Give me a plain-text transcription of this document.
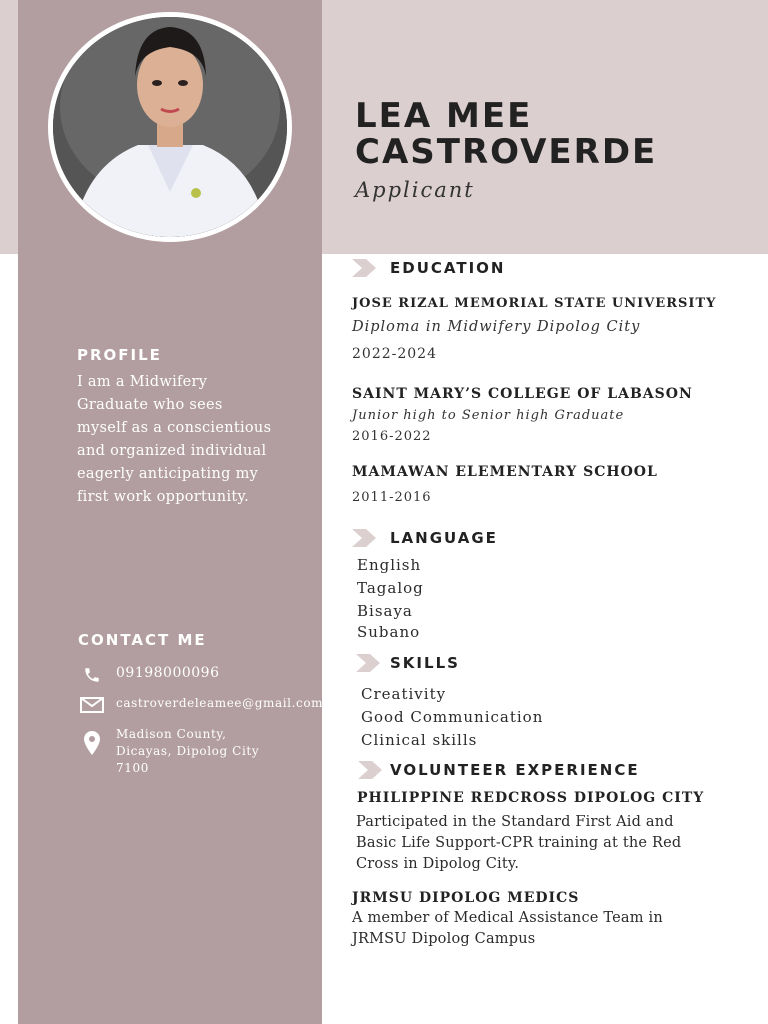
LEA MEE
CASTROVERDE
Applicant
PROFILE
I am a Midwifery Graduate who sees myself as a conscientious and organized individual eagerly anticipating my first work opportunity.
CONTACT ME
09198000096
castroverdeleamee@gmail.com
Madison County,
Dicayas, Dipolog City
7100
EDUCATION
JOSE RIZAL MEMORIAL STATE UNIVERSITY
Diploma in Midwifery Dipolog City
2022-2024
SAINT MARY’S COLLEGE OF LABASON
Junior high to Senior high Graduate
2016-2022
MAMAWAN ELEMENTARY SCHOOL
2011-2016
LANGUAGE
English
Tagalog
Bisaya
Subano
SKILLS
Creativity
Good Communication
Clinical skills
VOLUNTEER EXPERIENCE
PHILIPPINE REDCROSS DIPOLOG CITY
Participated in the Standard First Aid and
Basic Life Support-CPR training at the Red
Cross in Dipolog City.
JRMSU DIPOLOG MEDICS
A member of Medical Assistance Team in
JRMSU Dipolog Campus
